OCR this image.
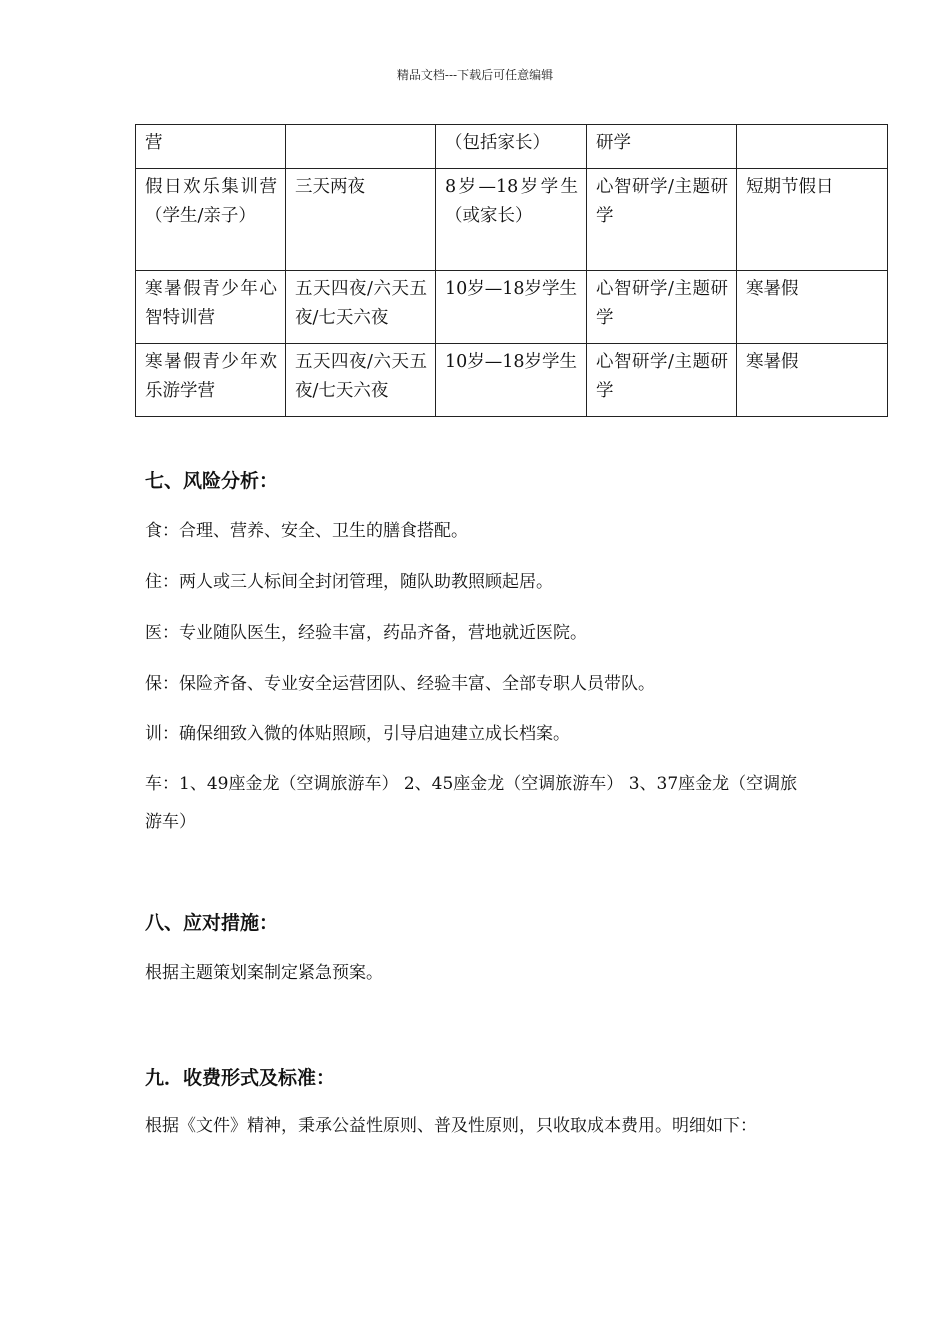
精品文档---下载后可任意编辑
营		（包括家长）	研学	
假日欢乐集训营（学生/亲子）	三天两夜	8岁—18岁学生（或家长）	心智研学/主题研学	短期节假日
寒暑假青少年心智特训营	五天四夜/六天五夜/七天六夜	10岁—18岁学生	心智研学/主题研学	寒暑假
寒暑假青少年欢乐游学营	五天四夜/六天五夜/七天六夜	10岁—18岁学生	心智研学/主题研学	寒暑假
七、风险分析：

食：合理、营养、安全、卫生的膳食搭配。

住：两人或三人标间全封闭管理，随队助教照顾起居。

医：专业随队医生，经验丰富，药品齐备，营地就近医院。

保：保险齐备、专业安全运营团队、经验丰富、全部专职人员带队。

训：确保细致入微的体贴照顾，引导启迪建立成长档案。

车：1、49座金龙（空调旅游车） 2、45座金龙（空调旅游车） 3、37座金龙（空调旅游车）

八、应对措施：

根据主题策划案制定紧急预案。

九．收费形式及标准：

根据《文件》精神，秉承公益性原则、普及性原则，只收取成本费用。明细如下：
